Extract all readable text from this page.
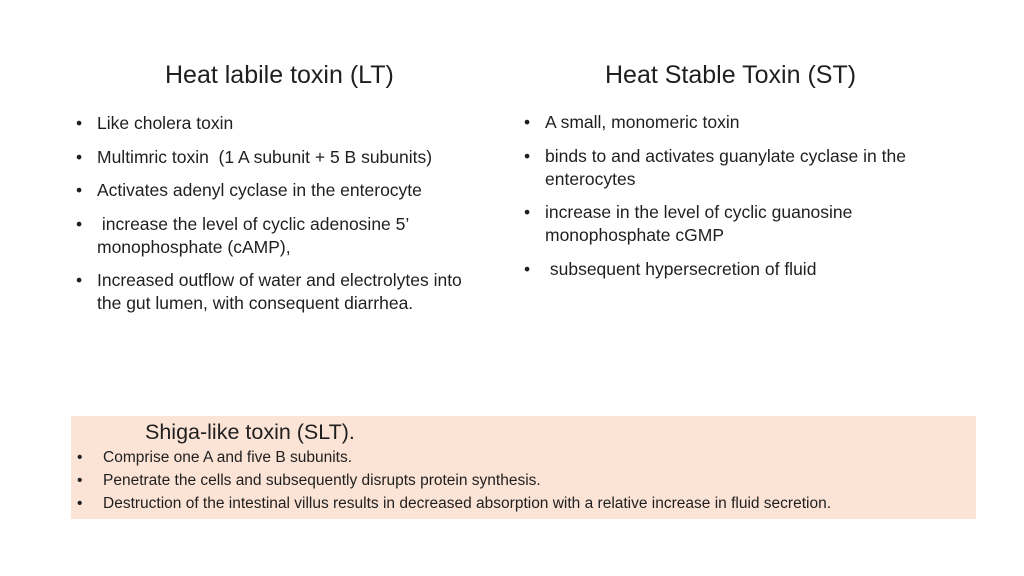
Heat labile toxin (LT)	Heat Stable Toxin (ST)
• Like cholera toxin
• Multimric toxin  (1 A subunit + 5 B subunits)
• Activates adenyl cyclase in the enterocyte
• increase the level of cyclic adenosine 5’ monophosphate (cAMP),
• Increased outflow of water and electrolytes into the gut lumen, with consequent diarrhea.
• A small, monomeric toxin
• binds to and activates guanylate cyclase in the enterocytes
• increase in the level of cyclic guanosine monophosphate cGMP
• subsequent hypersecretion of fluid
Shiga-like toxin (SLT).
• Comprise one A and five B subunits.
• Penetrate the cells and subsequently disrupts protein synthesis.
• Destruction of the intestinal villus results in decreased absorption with a relative increase in fluid secretion.
